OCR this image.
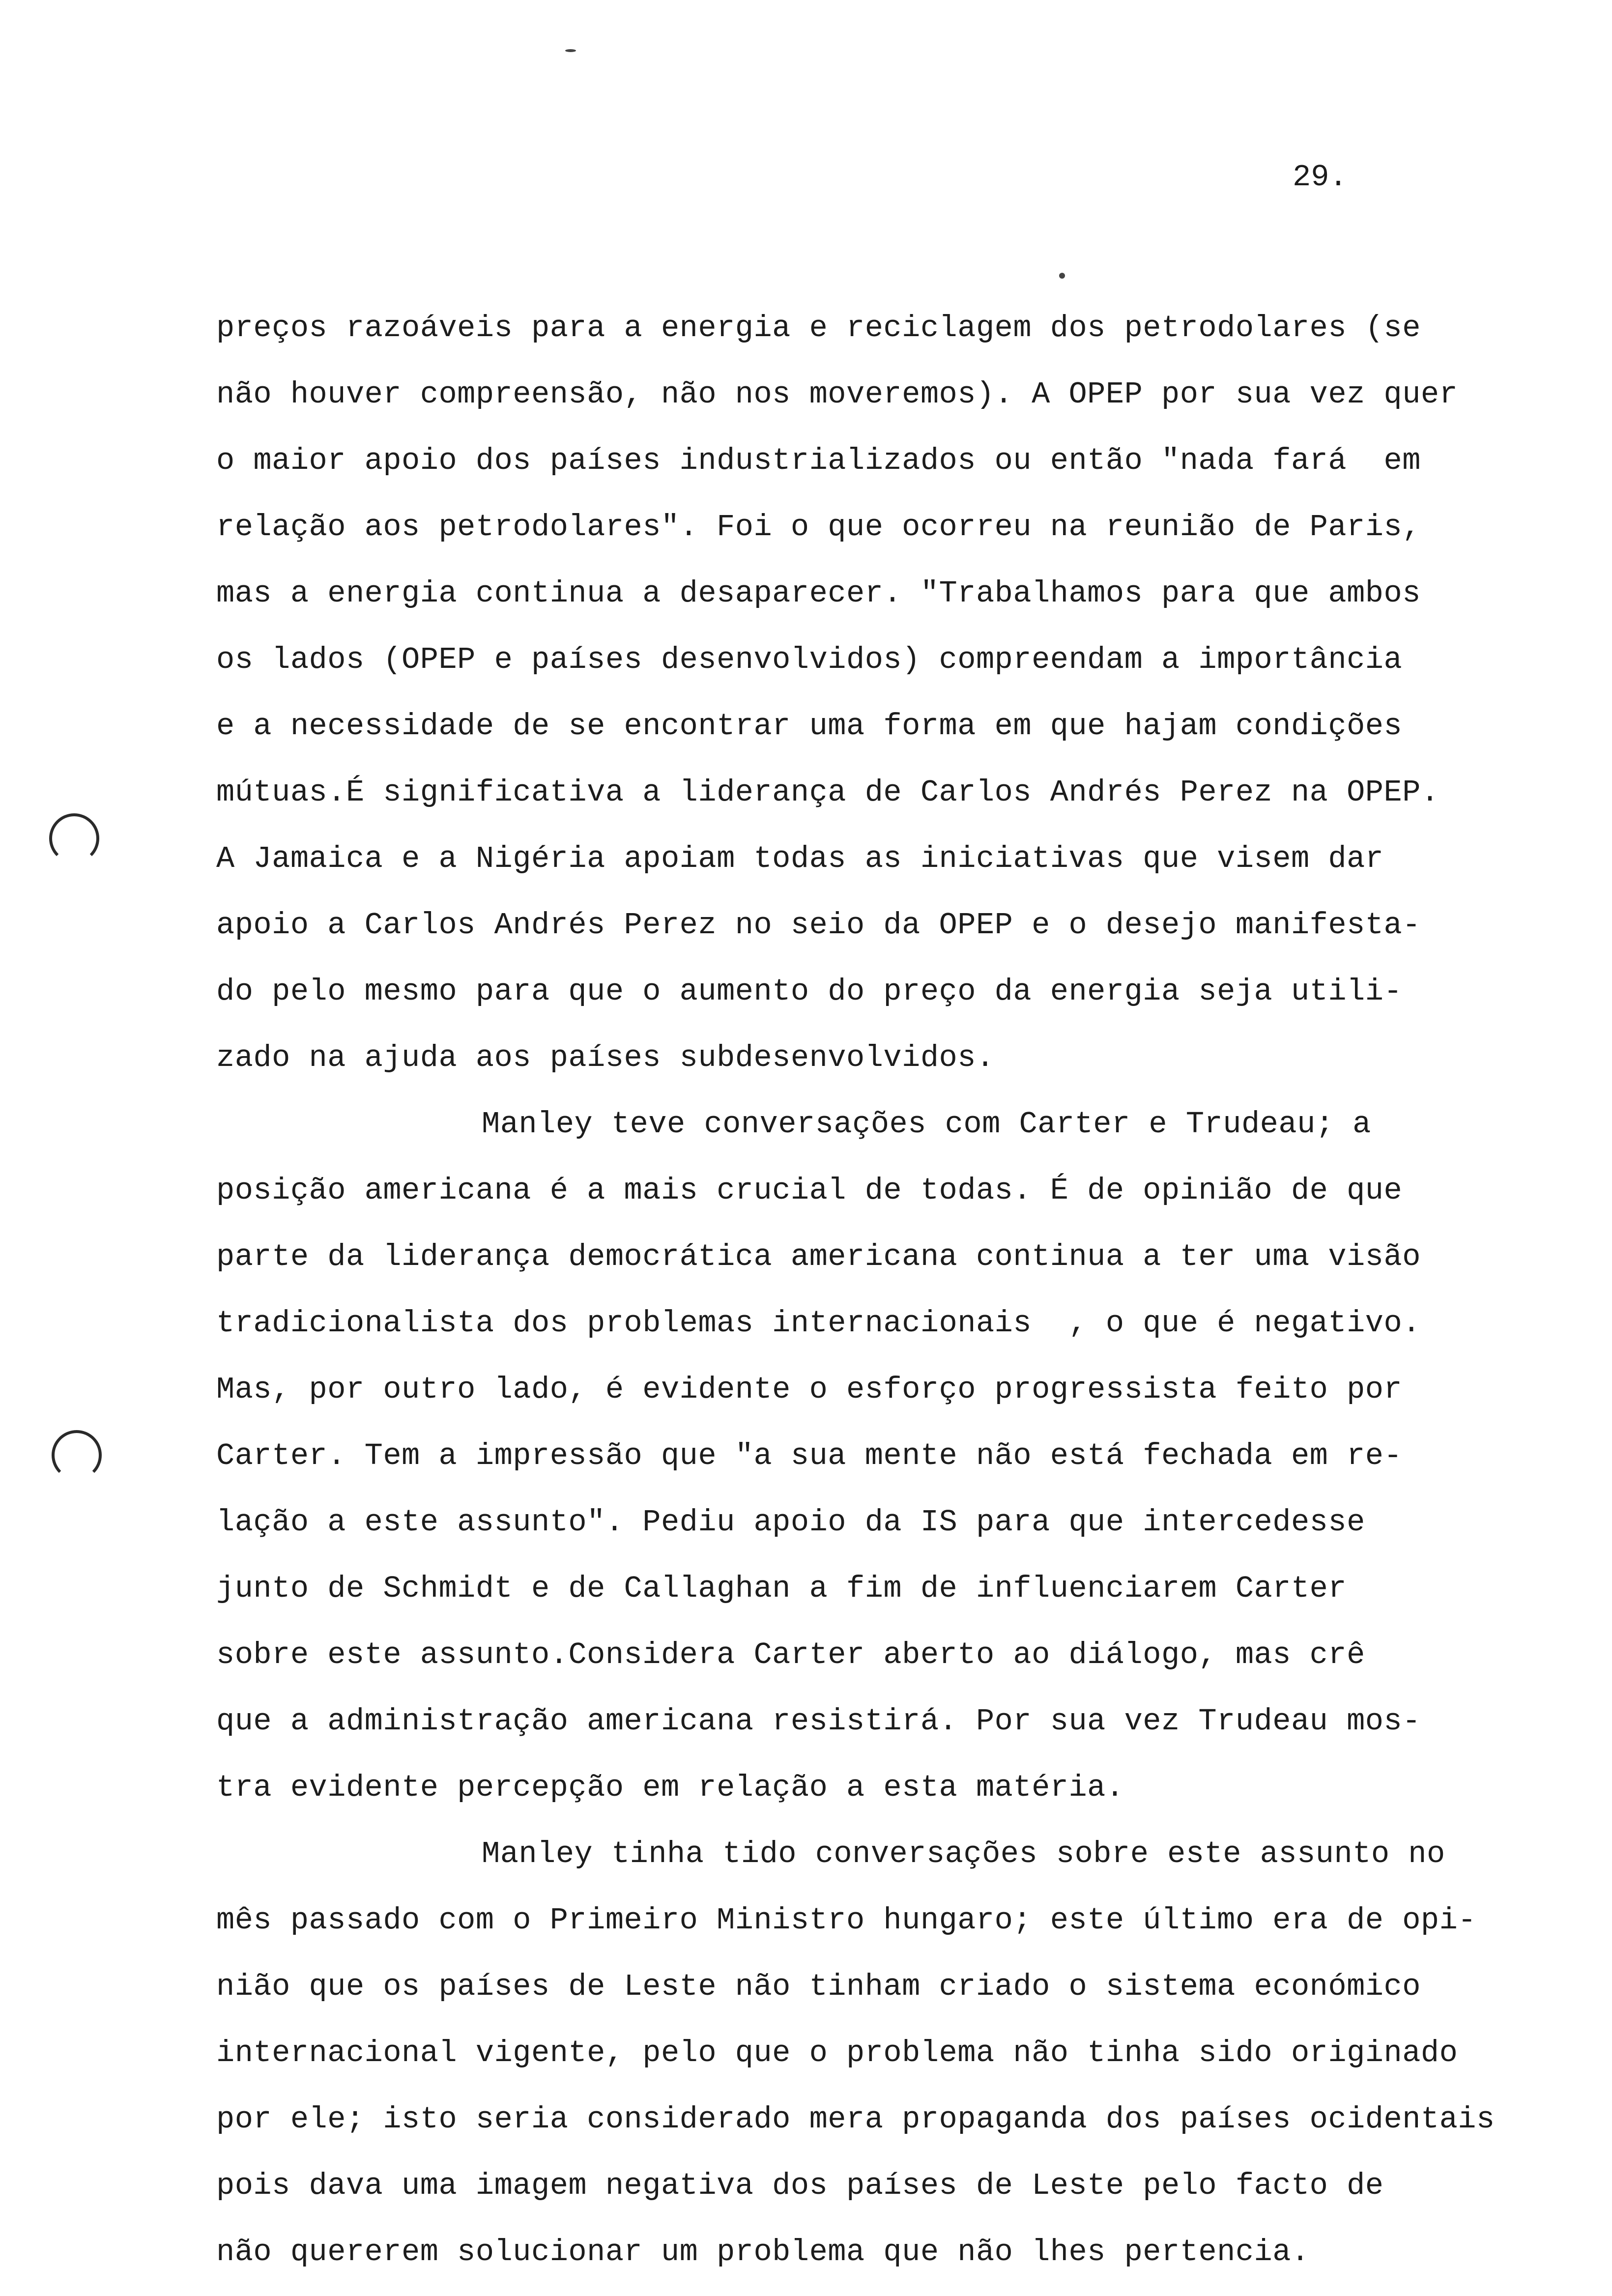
29.
preços razoáveis para a energia e reciclagem dos petrodolares (se
não houver compreensão, não nos moveremos). A OPEP por sua vez quer
o maior apoio dos países industrializados ou então "nada fará  em
relação aos petrodolares". Foi o que ocorreu na reunião de Paris,
mas a energia continua a desaparecer. "Trabalhamos para que ambos
os lados (OPEP e países desenvolvidos) compreendam a importância
e a necessidade de se encontrar uma forma em que hajam condições
mútuas.É significativa a liderança de Carlos Andrés Perez na OPEP.
A Jamaica e a Nigéria apoiam todas as iniciativas que visem dar
apoio a Carlos Andrés Perez no seio da OPEP e o desejo manifesta-
do pelo mesmo para que o aumento do preço da energia seja utili-
zado na ajuda aos países subdesenvolvidos.
Manley teve conversações com Carter e Trudeau; a
posição americana é a mais crucial de todas. É de opinião de que
parte da liderança democrática americana continua a ter uma visão
tradicionalista dos problemas internacionais  , o que é negativo.
Mas, por outro lado, é evidente o esforço progressista feito por
Carter. Tem a impressão que "a sua mente não está fechada em re-
lação a este assunto". Pediu apoio da IS para que intercedesse
junto de Schmidt e de Callaghan a fim de influenciarem Carter
sobre este assunto.Considera Carter aberto ao diálogo, mas crê
que a administração americana resistirá. Por sua vez Trudeau mos-
tra evidente percepção em relação a esta matéria.
Manley tinha tido conversações sobre este assunto no
mês passado com o Primeiro Ministro hungaro; este último era de opi-
nião que os países de Leste não tinham criado o sistema económico
internacional vigente, pelo que o problema não tinha sido originado
por ele; isto seria considerado mera propaganda dos países ocidentais
pois dava uma imagem negativa dos países de Leste pelo facto de
não quererem solucionar um problema que não lhes pertencia.
